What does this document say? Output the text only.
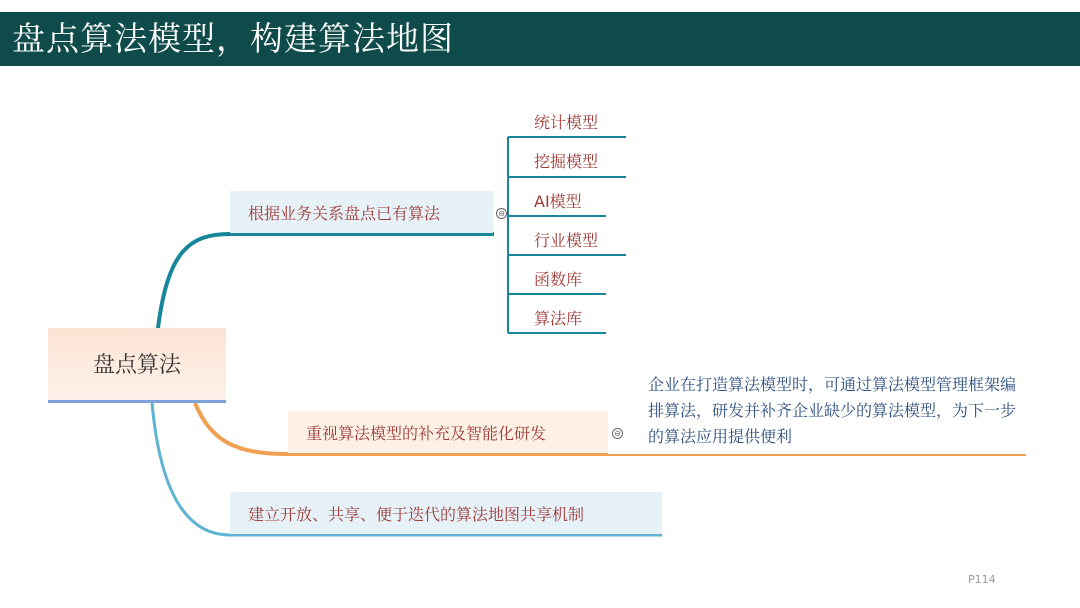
盘点算法模型，构建算法地图
盘点算法
根据业务关系盘点已有算法	⊖
统计模型
挖掘模型
AI模型
行业模型
函数库
算法库
重视算法模型的补充及智能化研发	⊖
企业在打造算法模型时，可通过算法模型管理框架编排算法，研发并补齐企业缺少的算法模型，为下一步的算法应用提供便利
建立开放、共享、便于迭代的算法地图共享机制
P114
